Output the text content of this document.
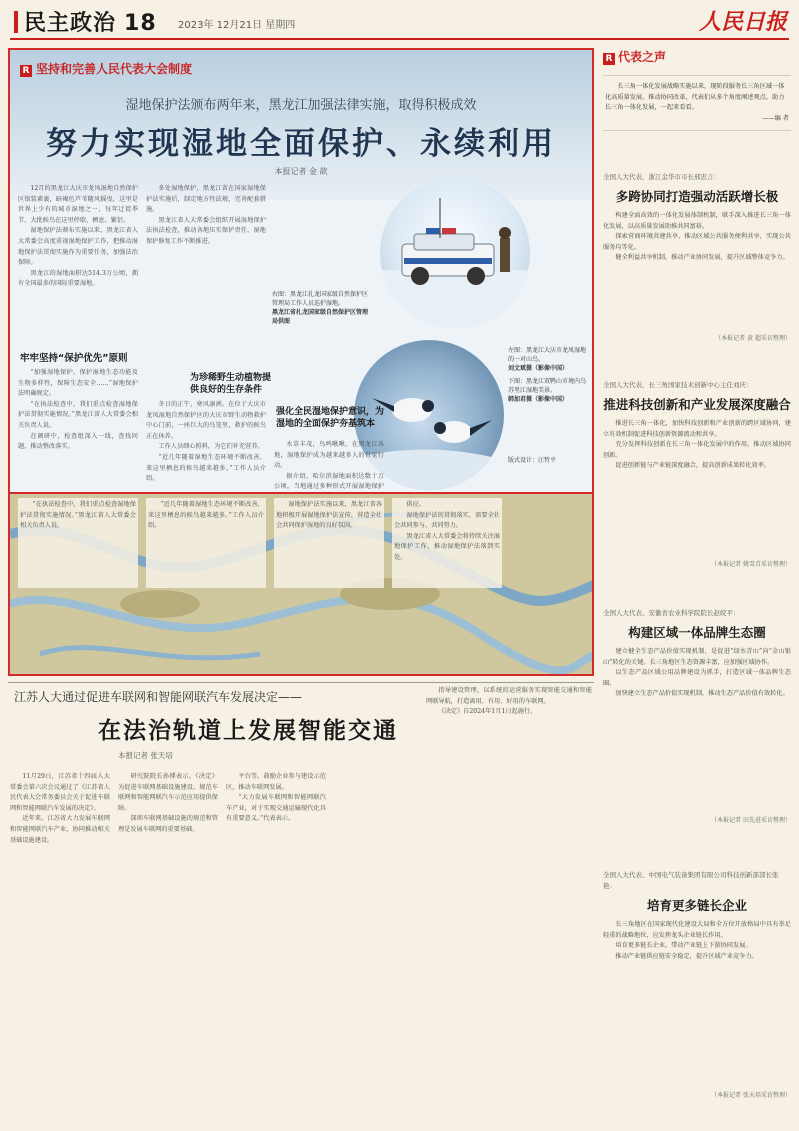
民主政治 18 2023年 12月21日 星期四	人民日报
R 坚持和完善人民代表大会制度
湿地保护法颁布两年来，黑龙江加强法律实施，取得积极成效
努力实现湿地全面保护、永续利用
本报记者 金 歆

12月的黑龙江大庆市龙凤湿地自然保护区银装素裹，暗褐色芦苇随风摇曳。这里是世界上少有的城市湿地之一，每年迁徙季节，大批候鸟在这里停歇、栖息、繁衍。

湿地保护法颁布实施以来，黑龙江省人大常委会高度重视湿地保护工作，把推动湿地保护法贯彻实施作为重要任务，加强法治保障。

黑龙江的湿地面积达514.3万公顷，拥有全国最多的国际重要湿地。

牢牢坚持“保护优先”原则

“加强湿地保护，保护湿地生态功能及生物多样性，保障生态安全……”湿地保护法明确规定。

“在执法检查中，我们重点检查湿地保护法贯彻实施情况。”黑龙江省人大常委会相关负责人说。

在调研中，检查组深入一线，查找问题，推动整改落实。

多处湿地保护，黑龙江省在国家湿地保护法实施后，制定地方性法规，完善配套措施。

黑龙江省人大常委会组织开展湿地保护法执法检查，推动各地压实保护责任，湿地保护修复工作不断推进。

为珍稀野生动植物提供良好的生存条件

冬日的正午，寒风凛冽。在位于大庆市龙凤湿地自然保护区的大庆市野生动物救护中心门前，一座巨大的鸟笼里，救护的候鸟正在休养。

工作人员细心照料，为它们补充营养。

“近几年随着湿地生态环境不断改善，来这里栖息的候鸟越来越多。”工作人员介绍。

右图：黑龙江扎龙国家级自然保护区管理局工作人员巡护湿地。
黑龙江省扎龙国家级自然保护区管理局供图
左图：黑龙江大庆市龙凤湿地的一对山鸟。
刘文斌摄（影像中国）
下图：黑龙江双鸭山市境内乌苏里江湿地美景。
韩加君摄（影像中国）
版式设计：汪哲平
强化全民湿地保护意识，为湿地的全面保护夯基筑本

水草丰茂，鸟鸣啾啾。在黑龙江各地，湿地保护成为越来越多人的自觉行动。

据介绍，哈尔滨湿地面积达数十万公顷，当地通过多种形式开展湿地保护

“在执法检查中，我们重点检查湿地保护法贯彻实施情况。”黑龙江省人大常委会相关负责人说。

“近几年随着湿地生态环境不断改善，来这里栖息的候鸟越来越多。”工作人员介绍。

湿地保护法实施以来，黑龙江省各地积极开展湿地保护法宣传，营造全社会共同保护湿地的良好氛围。

供应。

湿地保护法的贯彻落实，需要全社会共同参与、共同努力。

黑龙江省人大常委会将持续关注湿地保护工作，推动湿地保护法落到实处。

R 代表之声
长三角一体化发展战略实施以来，现阶段服务长三角区域一体化高质量发展，推动协同改革，代表们从多个角度阐述观点，助力长三角一体化发展，一起来看看。
——编 者
全国人大代表、浙江金华市市长邢忠言：
多跨协同打造强动活跃增长极

构建全面高效的一体化发展体制机制，联手深入推进长三角一体化发展，以高质量发展助推共同富裕。

探索营商环境共建共享，推动区域公共服务便利共享，实现公共服务均等化。

健全利益共享机制，推动产业协同发展，提升区域整体竞争力。

（本报记者 黄 超采访整理）
全国人大代表、长三角国家技术创新中心主任刘庆：
推进科技创新和产业发展深度融合

推进长三角一体化，加快科技创新和产业创新的跨区域协同，建立有效机制促进科技创新资源流动和共享。

充分发挥科技创新在长三角一体化发展中的作用，推动区域协同创新。

促进创新链与产业链深度融合，提高创新成果转化效率。

（本报记者 姚雪青采访整理）
全国人大代表、安徽省农业科学院院长赵皖平：
构建区域一体品牌生态圈

建立健全生态产品价值实现机制，是促进“绿水青山”向“金山银山”转化的关键。长三角地区生态资源丰富，应加强区域协作。

以生态产品区域公用品牌建设为抓手，打造区域一体品牌生态圈。

加快建立生态产品价值实现机制，推动生态产品价值有效转化。

（本报记者 田先进采访整理）
全国人大代表、中国电气装备集团有限公司科技创新部部长张艳：
培育更多链长企业

长三角地区在国家现代化建设大局和全方位开放格局中具有举足轻重的战略地位，应发挥龙头企业链长作用。

培育更多链长企业，带动产业链上下游协同发展。

推动产业链供应链安全稳定，提升区域产业竞争力。

（本报记者 张天培采访整理）
江苏人大通过促进车联网和智能网联汽车发展决定——
在法治轨道上发展智能交通
本报记者 张天培

11月29日，江苏省十四届人大常委会第六次会议通过了《江苏省人民代表大会常务委员会关于促进车联网和智能网联汽车发展的决定》。

近年来，江苏省大力发展车联网和智能网联汽车产业，协同推动相关基础设施建设。

研究院院长孙博表示。《决定》为促进车联网基础设施建设、规范车联网和智能网联汽车示范应用提供保障。

深圳车联网基础设施的规范和管理是发展车联网的重要基础。

平台等。鼓励企业参与建设示范区，推动车联网发展。

“大力发展车联网和智能网联汽车产业，对于实现交通运输现代化具有重要意义。”代表表示。

指导建设管理，以系统的运营服务实现智能交通和智能网联导航，打造离用、有用、好用的车联网。

《决定》自2024年1月1日起施行。
